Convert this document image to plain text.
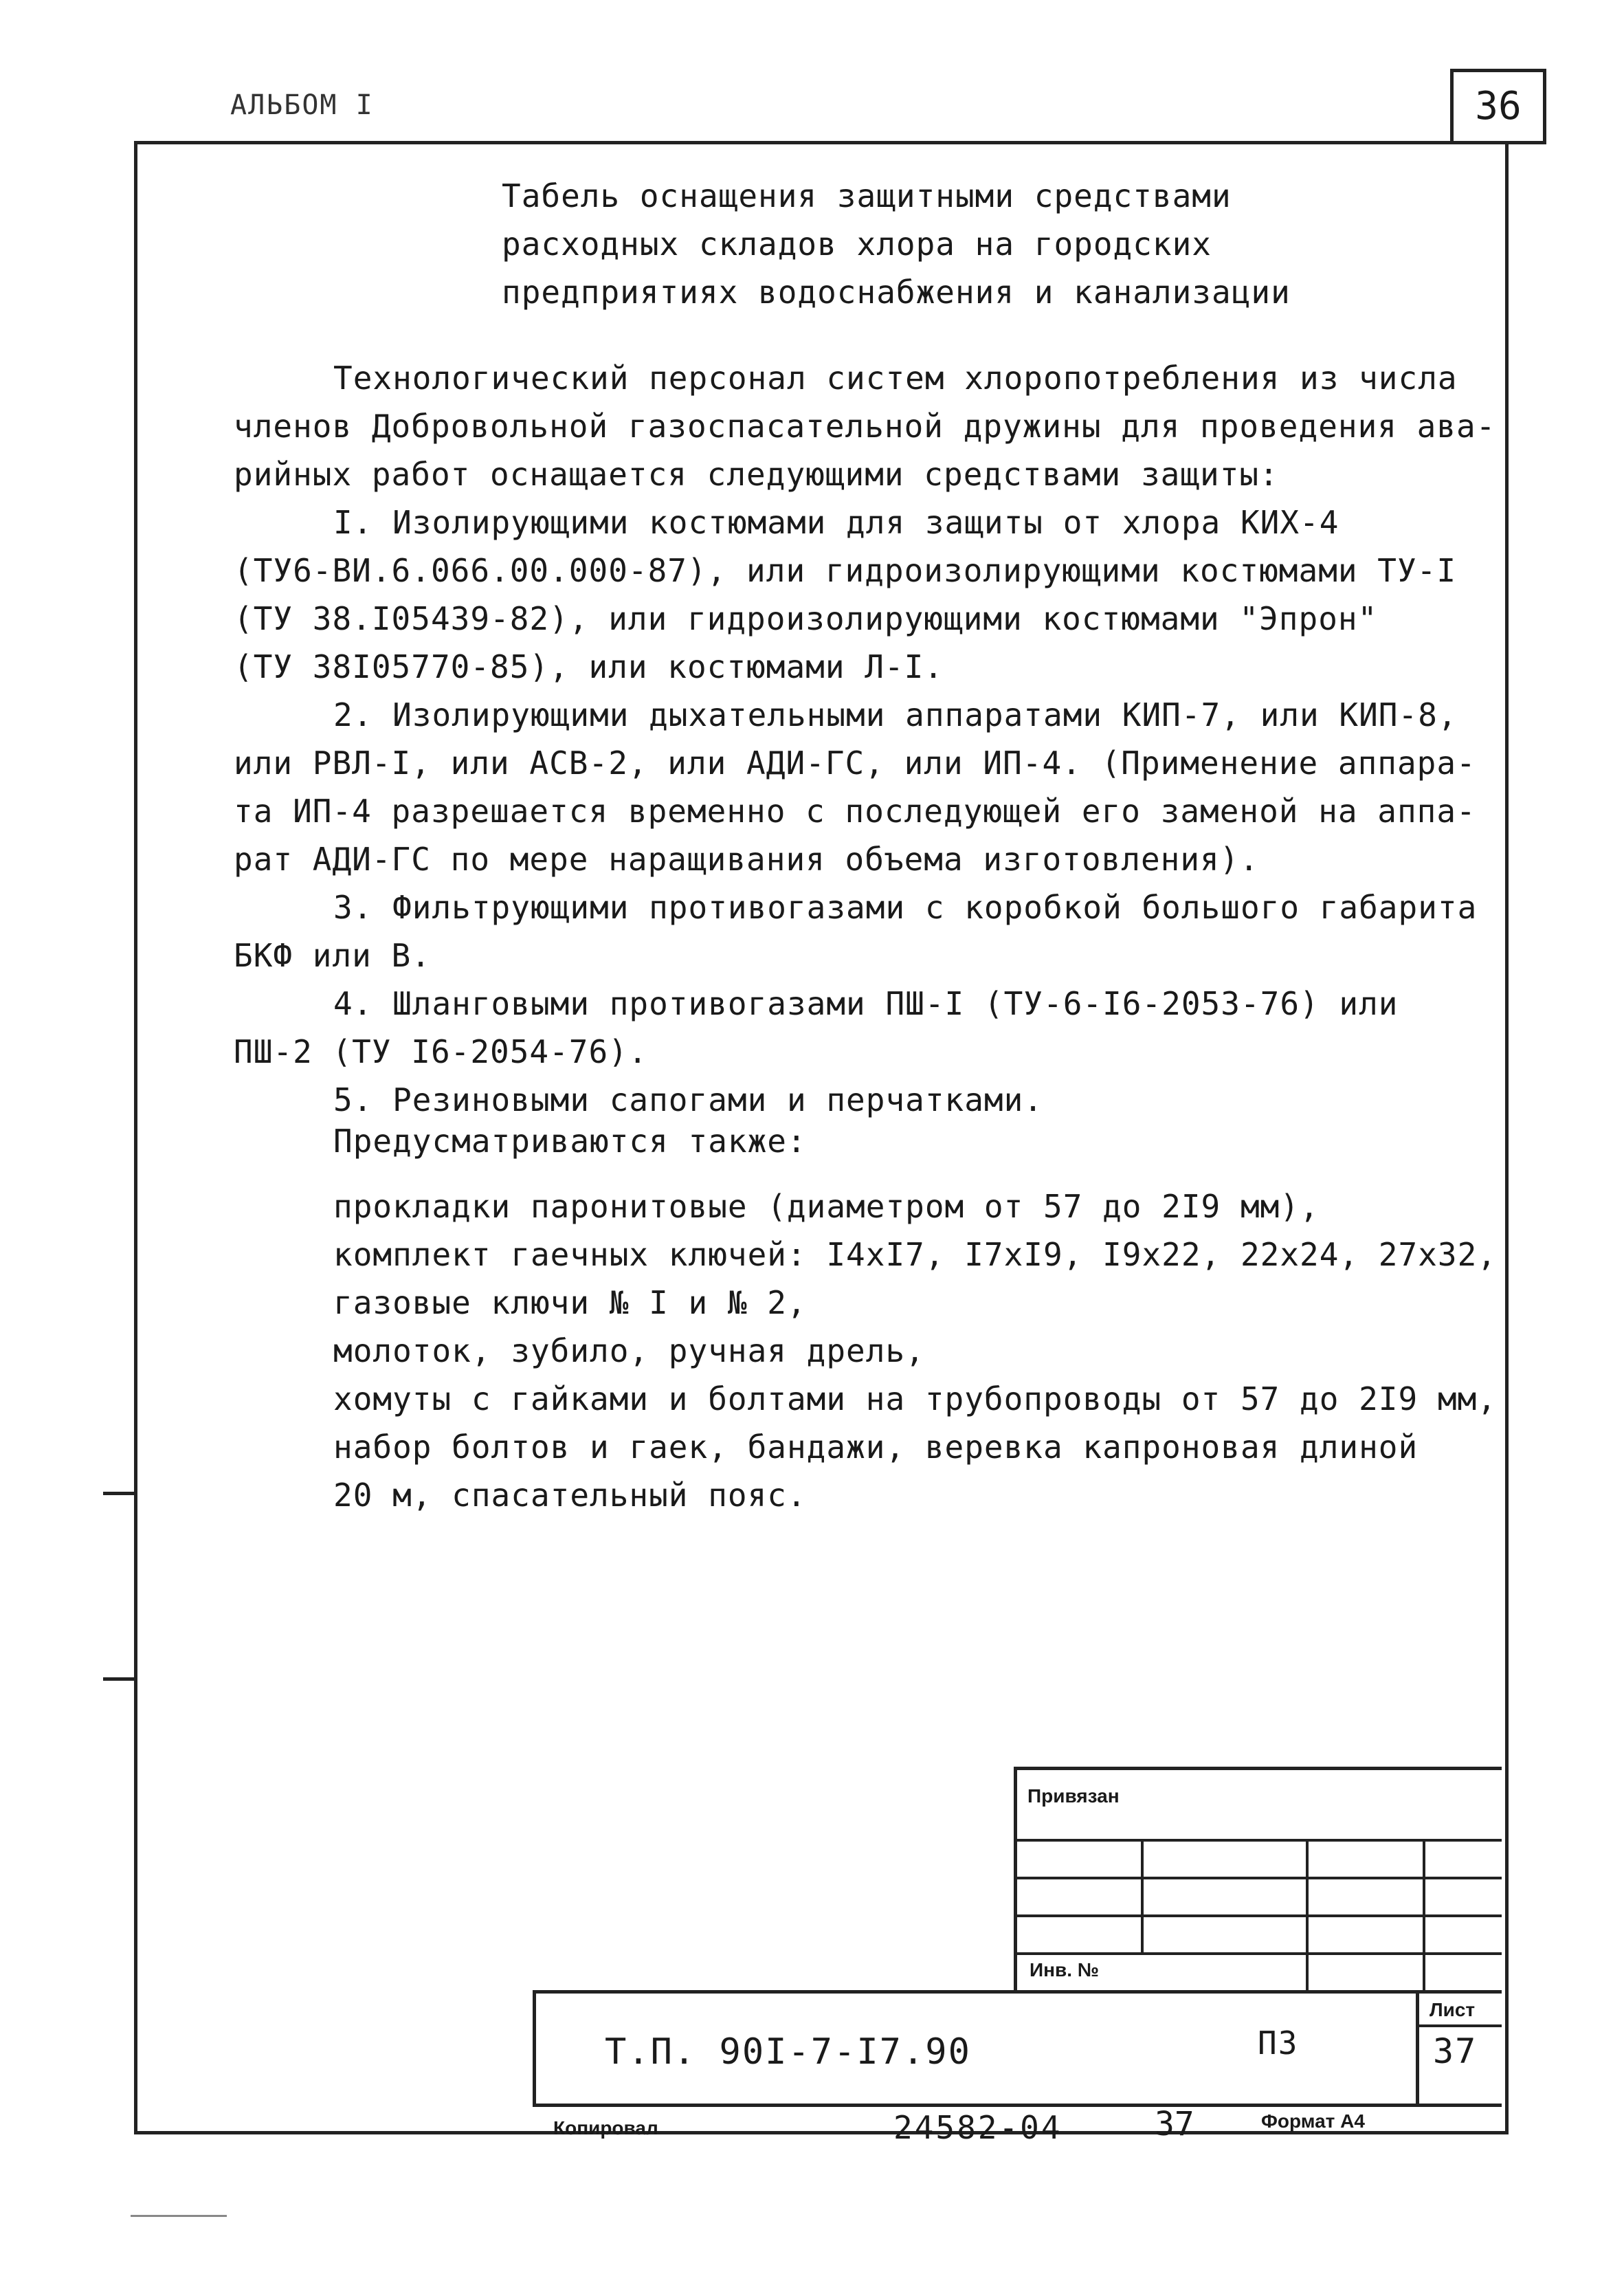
АЛЬБОМ I	36
Табель оснащения защитными средствами
расходных складов хлора на городских
предприятиях водоснабжения и канализации
Технологический персонал систем хлоропотребления из числа
членов Добровольной газоспасательной дружины для проведения ава-
рийных работ оснащается следующими средствами защиты:
I. Изолирующими костюмами для защиты от хлора КИХ-4
(ТУ6-ВИ.6.066.00.000-87), или гидроизолирующими костюмами ТУ-I
(ТУ 38.I05439-82), или гидроизолирующими костюмами "Эпрон"
(ТУ 38I05770-85), или костюмами Л-I.
2. Изолирующими дыхательными аппаратами КИП-7, или КИП-8,
или РВЛ-I, или АСВ-2, или АДИ-ГС, или ИП-4. (Применение аппара-
та ИП-4 разрешается временно с последующей его заменой на аппа-
рат АДИ-ГС по мере наращивания объема изготовления).
3. Фильтрующими противогазами с коробкой большого габарита
БКФ или В.
4. Шланговыми противогазами ПШ-I (ТУ-6-I6-2053-76) или
ПШ-2 (ТУ I6-2054-76).
5. Резиновыми сапогами и перчатками.
Предусматриваются также:
прокладки паронитовые (диаметром от 57 до 2I9 мм),
комплект гаечных ключей: I4xI7, I7xI9, I9x22, 22x24, 27x32,
газовые ключи № I и № 2,
молоток, зубило, ручная дрель,
хомуты с гайками и болтами на трубопроводы от 57 до 2I9 мм,
набор болтов и гаек, бандажи, веревка капроновая длиной
20 м, спасательный пояс.
Привязан
Инв. №
Т.П. 90I-7-I7.90	ПЗ
Лист
37
Копировал	24582-04	37	Формат А4
